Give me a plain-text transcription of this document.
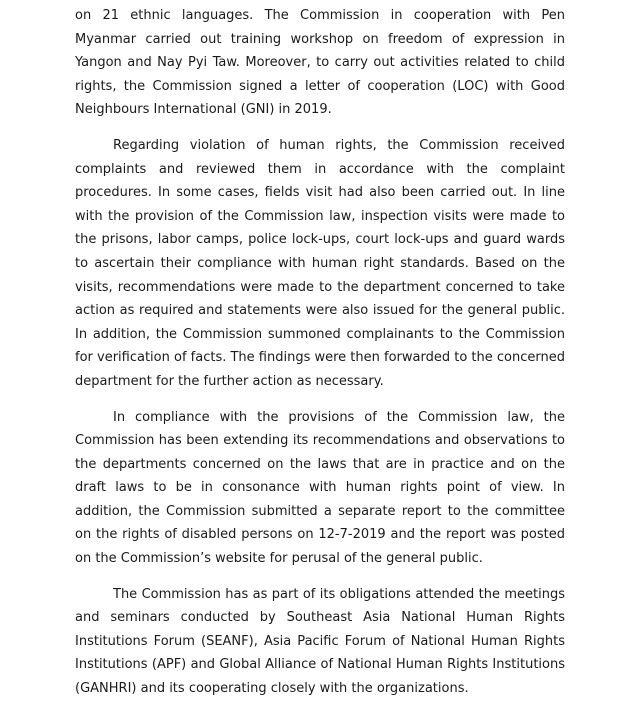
on 21 ethnic languages. The Commission in cooperation with Pen Myanmar carried out training workshop on freedom of expression in Yangon and Nay Pyi Taw. Moreover, to carry out activities related to child rights, the Commission signed a letter of cooperation (LOC) with Good Neighbours International (GNI) in 2019.

Regarding violation of human rights, the Commission received complaints and reviewed them in accordance with the complaint procedures. In some cases, fields visit had also been carried out. In line with the provision of the Commission law, inspection visits were made to the prisons, labor camps, police lock-ups, court lock-ups and guard wards to ascertain their compliance with human right standards. Based on the visits, recommendations were made to the department concerned to take action as required and statements were also issued for the general public. In addition, the Commission summoned complainants to the Commission for verification of facts. The findings were then forwarded to the concerned department for the further action as necessary.

In compliance with the provisions of the Commission law, the Commission has been extending its recommendations and observations to the departments concerned on the laws that are in practice and on the draft laws to be in consonance with human rights point of view. In addition, the Commission submitted a separate report to the committee on the rights of disabled persons on 12-7-2019 and the report was posted on the Commission’s website for perusal of the general public.

The Commission has as part of its obligations attended the meetings and seminars conducted by Southeast Asia National Human Rights Institutions Forum (SEANF), Asia Pacific Forum of National Human Rights Institutions (APF) and Global Alliance of National Human Rights Institutions (GANHRI) and its cooperating closely with the organizations.
